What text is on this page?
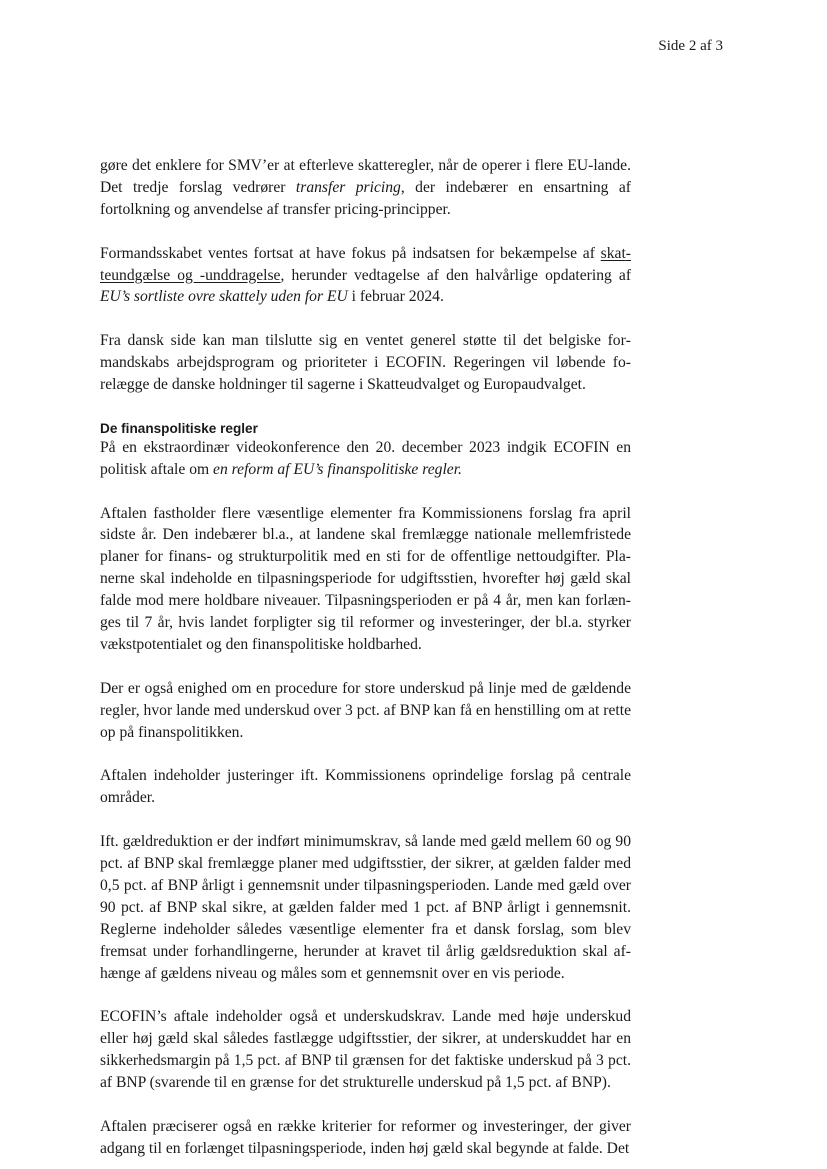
Side 2 af 3

gøre det enklere for SMV’er at efterleve skatteregler, når de operer i flere EU-lande. Det tredje forslag vedrører transfer pricing, der indebærer en ensartning af fortolkning og anvendelse af transfer pricing-principper.

Formandsskabet ventes fortsat at have fokus på indsatsen for bekæmpelse af skatteundgælse og -unddragelse, herunder vedtagelse af den halvårlige opdatering af EU’s sortliste ovre skattely uden for EU i februar 2024.

Fra dansk side kan man tilslutte sig en ventet generel støtte til det belgiske formandskabs arbejdsprogram og prioriteter i ECOFIN. Regeringen vil løbende forelægge de danske holdninger til sagerne i Skatteudvalget og Europaudvalget.

De finanspolitiske regler

På en ekstraordinær videokonference den 20. december 2023 indgik ECOFIN en politisk aftale om en reform af EU’s finanspolitiske regler.

Aftalen fastholder flere væsentlige elementer fra Kommissionens forslag fra april sidste år. Den indebærer bl.a., at landene skal fremlægge nationale mellemfristede planer for finans- og strukturpolitik med en sti for de offentlige nettoudgifter. Planerne skal indeholde en tilpasningsperiode for udgiftsstien, hvorefter høj gæld skal falde mod mere holdbare niveauer. Tilpasningsperioden er på 4 år, men kan forlænges til 7 år, hvis landet forpligter sig til reformer og investeringer, der bl.a. styrker vækstpotentialet og den finanspolitiske holdbarhed.

Der er også enighed om en procedure for store underskud på linje med de gældende regler, hvor lande med underskud over 3 pct. af BNP kan få en henstilling om at rette op på finanspolitikken.

Aftalen indeholder justeringer ift. Kommissionens oprindelige forslag på centrale områder.

Ift. gældreduktion er der indført minimumskrav, så lande med gæld mellem 60 og 90 pct. af BNP skal fremlægge planer med udgiftsstier, der sikrer, at gælden falder med 0,5 pct. af BNP årligt i gennemsnit under tilpasningsperioden. Lande med gæld over 90 pct. af BNP skal sikre, at gælden falder med 1 pct. af BNP årligt i gennemsnit. Reglerne indeholder således væsentlige elementer fra et dansk forslag, som blev fremsat under forhandlingerne, herunder at kravet til årlig gældsreduktion skal afhænge af gældens niveau og måles som et gennemsnit over en vis periode.

ECOFIN’s aftale indeholder også et underskudskrav. Lande med høje underskud eller høj gæld skal således fastlægge udgiftsstier, der sikrer, at underskuddet har en sikkerhedsmargin på 1,5 pct. af BNP til grænsen for det faktiske underskud på 3 pct. af BNP (svarende til en grænse for det strukturelle underskud på 1,5 pct. af BNP).

Aftalen præciserer også en række kriterier for reformer og investeringer, der giver adgang til en forlænget tilpasningsperiode, inden høj gæld skal begynde at falde. Det
